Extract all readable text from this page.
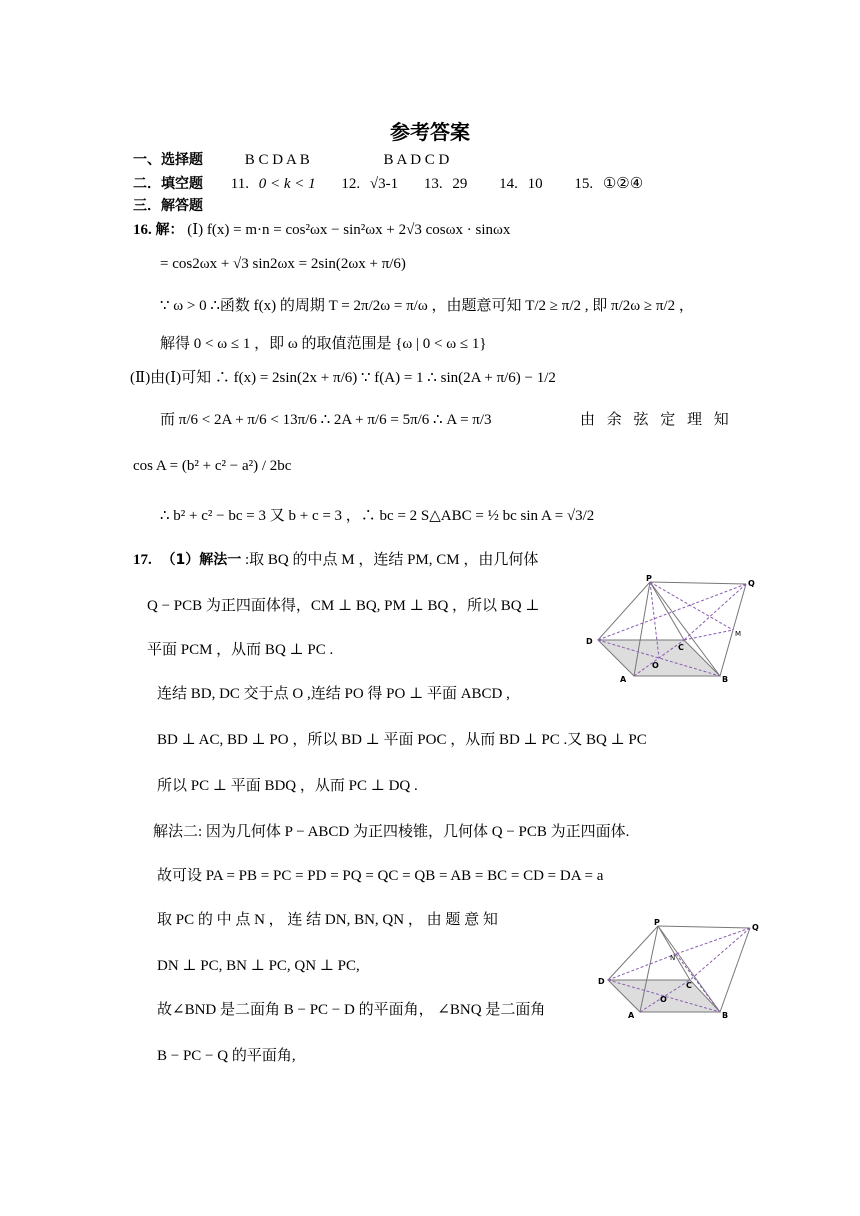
参考答案
一、选择题	B C D A B	B A D C D
二．填空题 11. 0 < k < 1 12. √3-1 13. 29 14. 10 15. ①②④
三．解答题
16. 解： (Ⅰ) f(x) = m·n = cos²ωx − sin²ωx + 2√3 cosωx · sinωx
= cos2ωx + √3 sin2ωx = 2sin(2ωx + π/6)
∵ ω > 0 ∴函数 f(x) 的周期 T = 2π/2ω = π/ω ，由题意可知 T/2 ≥ π/2 , 即 π/2ω ≥ π/2 ，
解得 0 < ω ≤ 1 ，即 ω 的取值范围是 {ω | 0 < ω ≤ 1}
(Ⅱ)由(Ⅰ)可知 ∴ f(x) = 2sin(2x + π/6) ∵ f(A) = 1 ∴ sin(2A + π/6) − 1/2
而 π/6 < 2A + π/6 < 13π/6 ∴ 2A + π/6 = 5π/6 ∴ A = π/3	由 余 弦 定 理 知
cos A = (b² + c² − a²) / 2bc
∴ b² + c² − bc = 3 又 b + c = 3 ，∴ bc = 2 S△ABC = ½ bc sin A = √3/2
17. （1）解法一 :取 BQ 的中点 M ，连结 PM, CM ，由几何体
Q − PCB 为正四面体得，CM ⊥ BQ, PM ⊥ BQ ，所以 BQ ⊥
平面 PCM ，从而 BQ ⊥ PC .
连结 BD, DC 交于点 O ,连结 PO 得 PO ⊥ 平面 ABCD ,
BD ⊥ AC, BD ⊥ PO ，所以 BD ⊥ 平面 POC ，从而 BD ⊥ PC .又 BQ ⊥ PC
所以 PC ⊥ 平面 BDQ ，从而 PC ⊥ DQ .
解法二: 因为几何体 P − ABCD 为正四棱锥，几何体 Q − PCB 为正四面体.
故可设 PA = PB = PC = PD = PQ = QC = QB = AB = BC = CD = DA = a
取 PC 的 中 点 N ， 连 结 DN, BN, QN ， 由 题 意 知
DN ⊥ PC, BN ⊥ PC, QN ⊥ PC,
故∠BND 是二面角 B − PC − D 的平面角， ∠BNQ 是二面角
B − PC − Q 的平面角,
P
Q
D
A	B
C
O
M
P
Q
D
A	B
C
O
N
